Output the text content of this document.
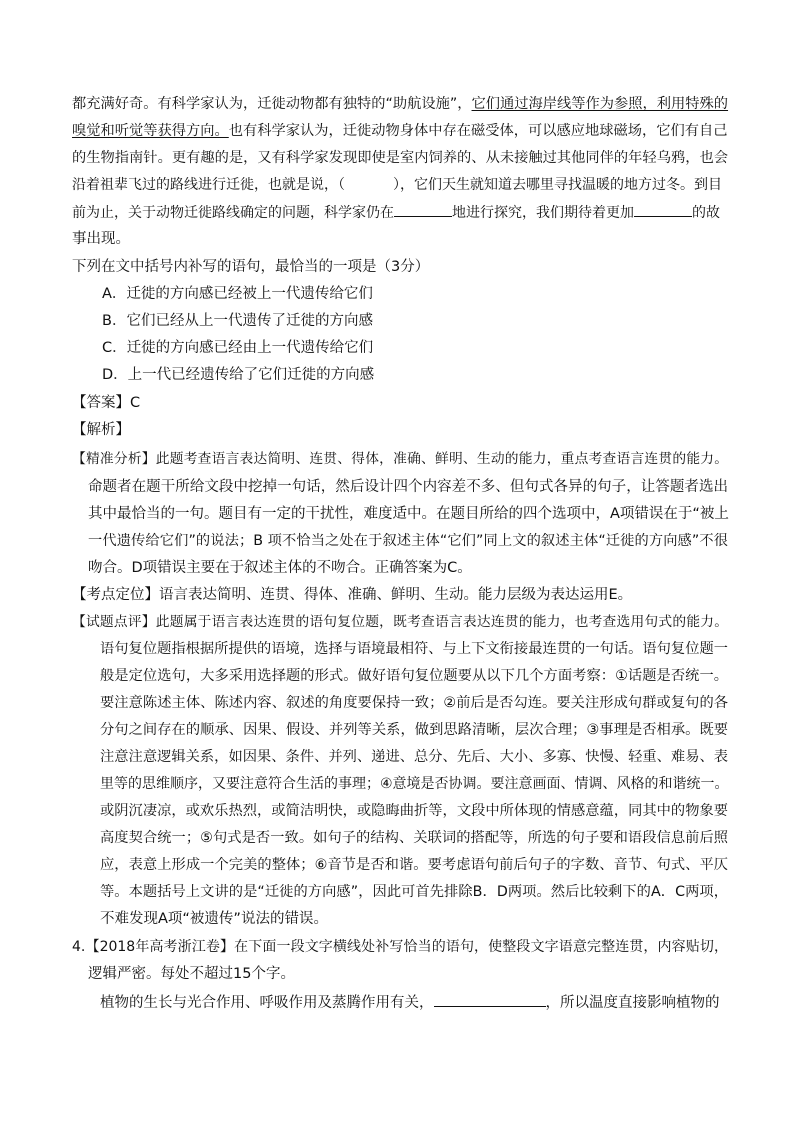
都充满好奇。有科学家认为，迁徙动物都有独特的“助航设施”，它们通过海岸线等作为参照，利用特殊的
嗅觉和听觉等获得方向。也有科学家认为，迁徙动物身体中存在磁受体，可以感应地球磁场，它们有自己
的生物指南针。更有趣的是，又有科学家发现即使是室内饲养的、从未接触过其他同伴的年轻乌鸦，也会
沿着祖辈飞过的路线进行迁徙，也就是说，（	），它们天生就知道去哪里寻找温暖的地方过冬。到目
前为止，关于动物迁徙路线确定的问题，科学家仍在	地进行探究，我们期待着更加	的故
事出现。
下列在文中括号内补写的语句，最恰当的一项是（3分）
A．迁徙的方向感已经被上一代遗传给它们
B．它们已经从上一代遗传了迁徙的方向感
C．迁徙的方向感已经由上一代遗传给它们
D．上一代已经遗传给了它们迁徙的方向感
【答案】C
【解析】
【精准分析】此题考查语言表达简明、连贯、得体，准确、鲜明、生动的能力，重点考查语言连贯的能力。
命题者在题干所给文段中挖掉一句话，然后设计四个内容差不多、但句式各异的句子，让答题者选出
其中最恰当的一句。题目有一定的干扰性，难度适中。在题目所给的四个选项中，A项错误在于“被上
一代遗传给它们”的说法；B 项不恰当之处在于叙述主体“它们”同上文的叙述主体“迁徙的方向感”不很
吻合。D项错误主要在于叙述主体的不吻合。正确答案为C。
【考点定位】语言表达简明、连贯、得体、准确、鲜明、生动。能力层级为表达运用E。
【试题点评】此题属于语言表达连贯的语句复位题，既考查语言表达连贯的能力，也考查选用句式的能力。
语句复位题指根据所提供的语境，选择与语境最相符、与上下文衔接最连贯的一句话。语句复位题一
般是定位选句，大多采用选择题的形式。做好语句复位题要从以下几个方面考察：①话题是否统一。
要注意陈述主体、陈述内容、叙述的角度要保持一致；②前后是否勾连。要关注形成句群或复句的各
分句之间存在的顺承、因果、假设、并列等关系，做到思路清晰，层次合理；③事理是否相承。既要
注意注意逻辑关系，如因果、条件、并列、递进、总分、先后、大小、多寡、快慢、轻重、难易、表
里等的思维顺序，又要注意符合生活的事理；④意境是否协调。要注意画面、情调、风格的和谐统一。
或阴沉凄凉，或欢乐热烈，或简洁明快，或隐晦曲折等，文段中所体现的情感意蕴，同其中的物象要
高度契合统一；⑤句式是否一致。如句子的结构、关联词的搭配等，所选的句子要和语段信息前后照
应，表意上形成一个完美的整体；⑥音节是否和谐。要考虑语句前后句子的字数、音节、句式、平仄
等。本题括号上文讲的是“迁徙的方向感”，因此可首先排除B．D两项。然后比较剩下的A．C两项，
不难发现A项“被遗传”说法的错误。
4.【2018年高考浙江卷】在下面一段文字横线处补写恰当的语句，使整段文字语意完整连贯，内容贴切，
逻辑严密。每处不超过15个字。
植物的生长与光合作用、呼吸作用及蒸腾作用有关，	，所以温度直接影响植物的
